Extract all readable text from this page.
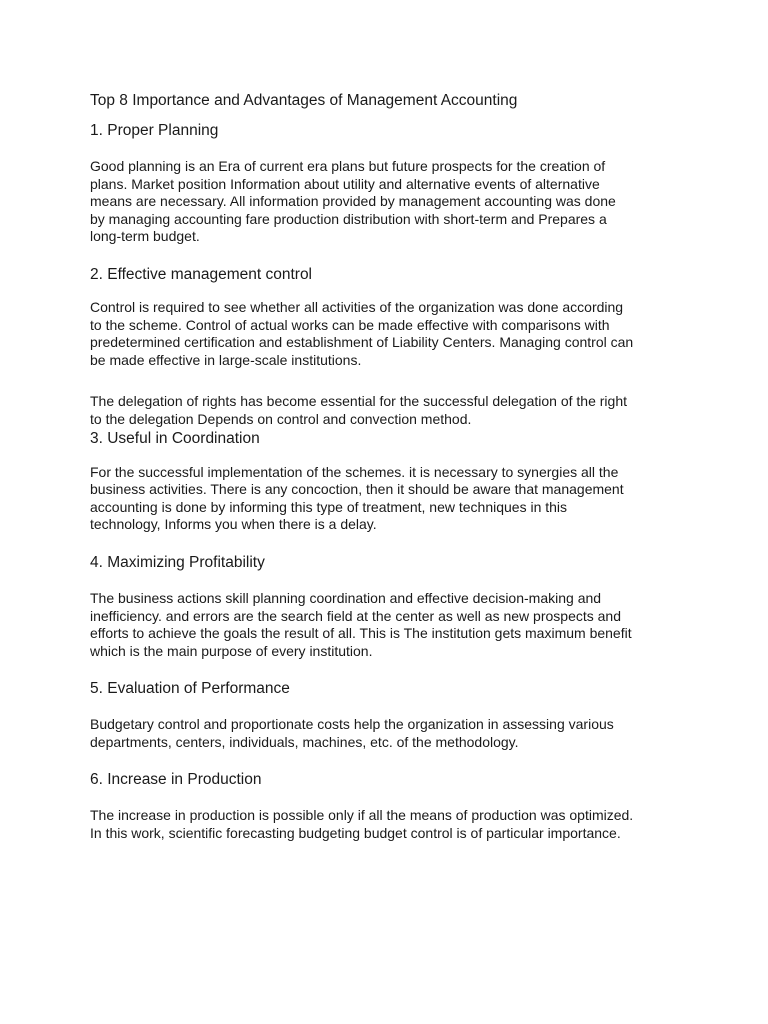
Top 8 Importance and Advantages of Management Accounting
1. Proper Planning

Good planning is an Era of current era plans but future prospects for the creation of
plans. Market position Information about utility and alternative events of alternative
means are necessary. All information provided by management accounting was done
by managing accounting fare production distribution with short-term and Prepares a
long-term budget.

2. Effective management control

Control is required to see whether all activities of the organization was done according
to the scheme. Control of actual works can be made effective with comparisons with
predetermined certification and establishment of Liability Centers. Managing control can
be made effective in large-scale institutions.

The delegation of rights has become essential for the successful delegation of the right
to the delegation Depends on control and convection method.

3. Useful in Coordination

For the successful implementation of the schemes. it is necessary to synergies all the
business activities. There is any concoction, then it should be aware that management
accounting is done by informing this type of treatment, new techniques in this
technology, Informs you when there is a delay.

4. Maximizing Profitability

The business actions skill planning coordination and effective decision-making and
inefficiency. and errors are the search field at the center as well as new prospects and
efforts to achieve the goals the result of all. This is The institution gets maximum benefit
which is the main purpose of every institution.

5. Evaluation of Performance

Budgetary control and proportionate costs help the organization in assessing various
departments, centers, individuals, machines, etc. of the methodology.

6. Increase in Production

The increase in production is possible only if all the means of production was optimized.
In this work, scientific forecasting budgeting budget control is of particular importance.
